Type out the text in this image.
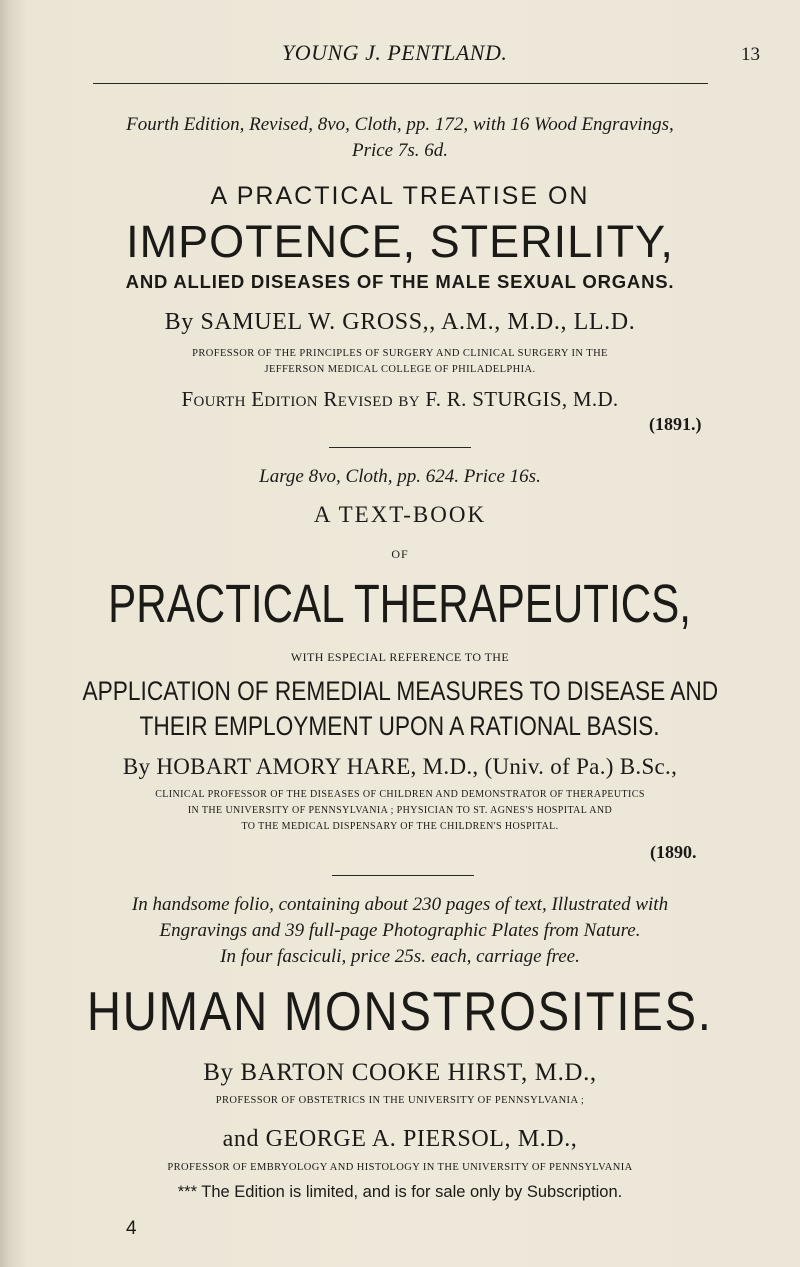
YOUNG J. PENTLAND.	13
Fourth Edition, Revised, 8vo, Cloth, pp. 172, with 16 Wood Engravings,
Price 7s. 6d.
A PRACTICAL TREATISE ON
IMPOTENCE, STERILITY,
AND ALLIED DISEASES OF THE MALE SEXUAL ORGANS.
By SAMUEL W. GROSS,, A.M., M.D., LL.D.
PROFESSOR OF THE PRINCIPLES OF SURGERY AND CLINICAL SURGERY IN THE
JEFFERSON MEDICAL COLLEGE OF PHILADELPHIA.
Fourth Edition Revised by F. R. STURGIS, M.D.
(1891.)
Large 8vo, Cloth, pp. 624. Price 16s.
A TEXT-BOOK
OF
PRACTICAL THERAPEUTICS,
WITH ESPECIAL REFERENCE TO THE
APPLICATION OF REMEDIAL MEASURES TO DISEASE AND
THEIR EMPLOYMENT UPON A RATIONAL BASIS.
By HOBART AMORY HARE, M.D., (Univ. of Pa.) B.Sc.,
CLINICAL PROFESSOR OF THE DISEASES OF CHILDREN AND DEMONSTRATOR OF THERAPEUTICS
IN THE UNIVERSITY OF PENNSYLVANIA ; PHYSICIAN TO ST. AGNES'S HOSPITAL AND
TO THE MEDICAL DISPENSARY OF THE CHILDREN'S HOSPITAL.
(1890.
In handsome folio, containing about 230 pages of text, Illustrated with
Engravings and 39 full-page Photographic Plates from Nature.
In four fasciculi, price 25s. each, carriage free.
HUMAN MONSTROSITIES.
By BARTON COOKE HIRST, M.D.,
PROFESSOR OF OBSTETRICS IN THE UNIVERSITY OF PENNSYLVANIA ;
and GEORGE A. PIERSOL, M.D.,
PROFESSOR OF EMBRYOLOGY AND HISTOLOGY IN THE UNIVERSITY OF PENNSYLVANIA
*** The Edition is limited, and is for sale only by Subscription.
4
